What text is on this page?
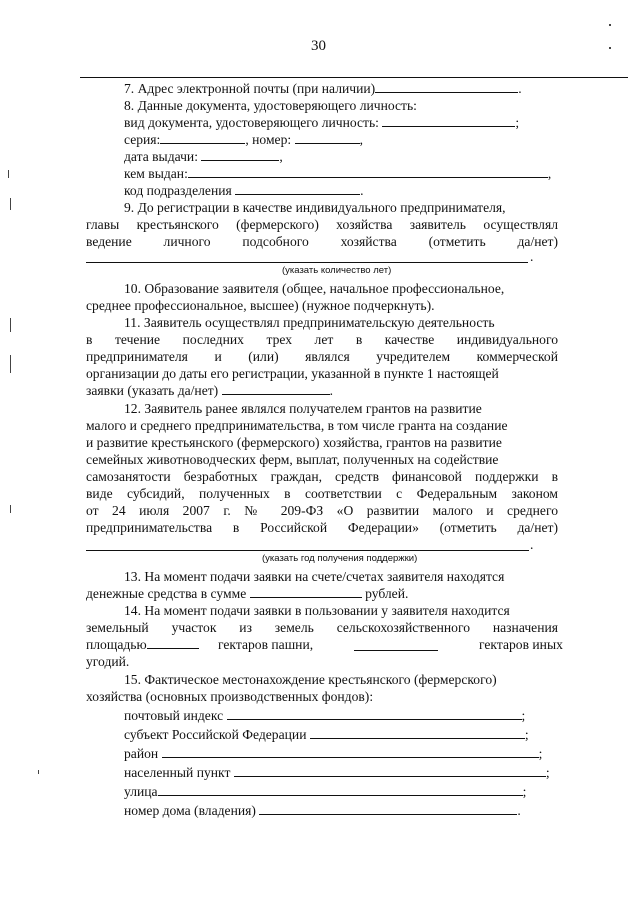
30
7. Адрес электронной почты (при наличии)	.
8. Данные документа, удостоверяющего личность:
вид документа, удостоверяющего личность:	;
серия:	, номер:	,
дата выдачи:	,
кем выдан:	,
код подразделения	.
9. До регистрации в качестве индивидуального предпринимателя,
главы крестьянского (фермерского) хозяйства заявитель осуществлял
ведение личного подсобного хозяйства (отметить да/нет)
.
(указать количество лет)
10. Образование заявителя (общее, начальное профессиональное,
среднее профессиональное, высшее) (нужное подчеркнуть).
11. Заявитель осуществлял предпринимательскую деятельность
в течение последних трех лет в качестве индивидуального
предпринимателя и (или) являлся учредителем коммерческой
организации до даты его регистрации, указанной в пункте 1 настоящей
заявки (указать да/нет)	.
12. Заявитель ранее являлся получателем грантов на развитие
малого и среднего предпринимательства, в том числе гранта на создание
и развитие крестьянского (фермерского) хозяйства, грантов на развитие
семейных животноводческих ферм, выплат, полученных на содействие
самозанятости безработных граждан, средств финансовой поддержки в
виде субсидий, полученных в соответствии с Федеральным законом
от 24 июля 2007 г. № 209-ФЗ «О развитии малого и среднего
предпринимательства в Российской Федерации» (отметить да/нет)
.
(указать год получения поддержки)
13. На момент подачи заявки на счете/счетах заявителя находятся
денежные средства в сумме	рублей.
14. На момент подачи заявки в пользовании у заявителя находится
земельный участок из земель сельскохозяйственного назначения
площадью	гектаров пашни,	гектаров иных
угодий.
15. Фактическое местонахождение крестьянского (фермерского)
хозяйства (основных производственных фондов):
почтовый индекс	;
субъект Российской Федерации	;
район	;
населенный пункт	;
улица	;
номер дома (владения)	.
